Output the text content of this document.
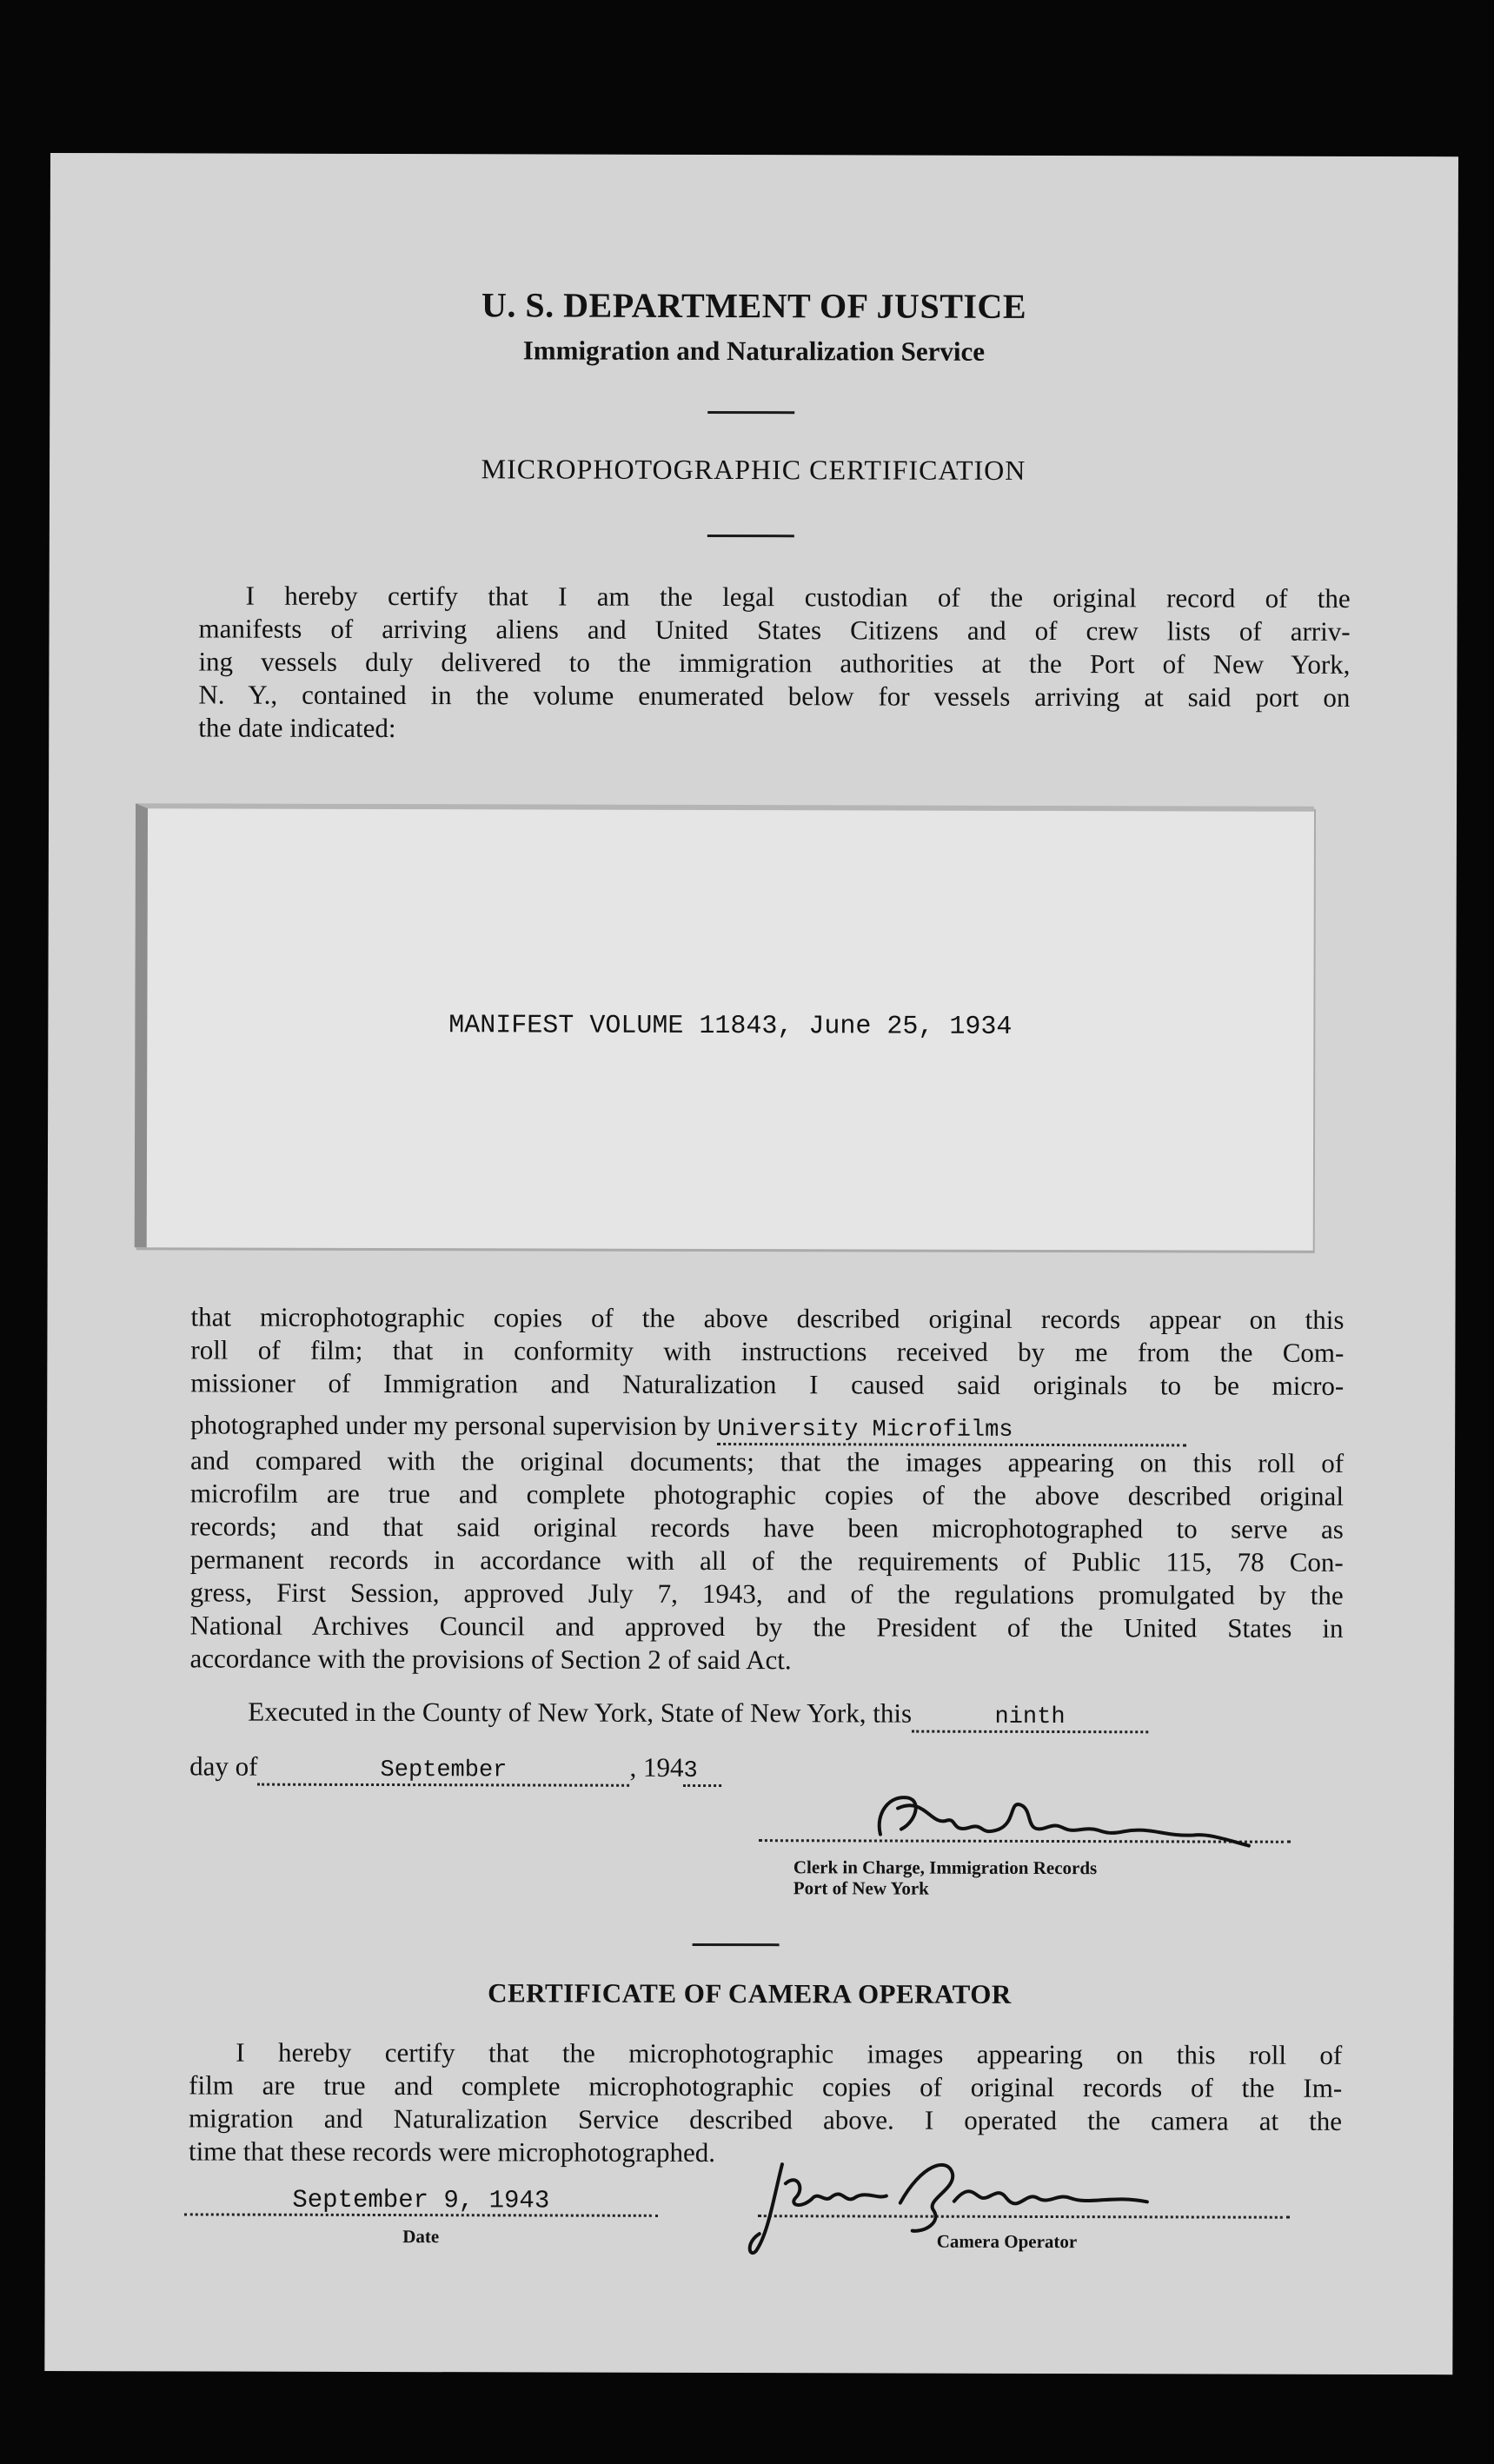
U. S. DEPARTMENT OF JUSTICE
Immigration and Naturalization Service
MICROPHOTOGRAPHIC CERTIFICATION
I hereby certify that I am the legal custodian of the original record of the
manifests of arriving aliens and United States Citizens and of crew lists of arriv-
ing vessels duly delivered to the immigration authorities at the Port of New York,
N. Y., contained in the volume enumerated below for vessels arriving at said port on
the date indicated:
MANIFEST VOLUME 11843, June 25, 1934
that microphotographic copies of the above described original records appear on this
roll of film; that in conformity with instructions received by me from the Com-
missioner of Immigration and Naturalization I caused said originals to be micro-
photographed under my personal supervision by University Microfilms
and compared with the original documents; that the images appearing on this roll of
microfilm are true and complete photographic copies of the above described original
records; and that said original records have been microphotographed to serve as
permanent records in accordance with all of the requirements of Public 115, 78 Con-
gress, First Session, approved July 7, 1943, and of the regulations promulgated by the
National Archives Council and approved by the President of the United States in
accordance with the provisions of Section 2 of said Act.
Executed in the County of New York, State of New York, this	ninth
day of	September	, 1943
Clerk in Charge, Immigration Records
Port of New York
CERTIFICATE OF CAMERA OPERATOR
I hereby certify that the microphotographic images appearing on this roll of
film are true and complete microphotographic copies of original records of the Im-
migration and Naturalization Service described above. I operated the camera at the
time that these records were microphotographed.
September 9, 1943
Date	Camera Operator
